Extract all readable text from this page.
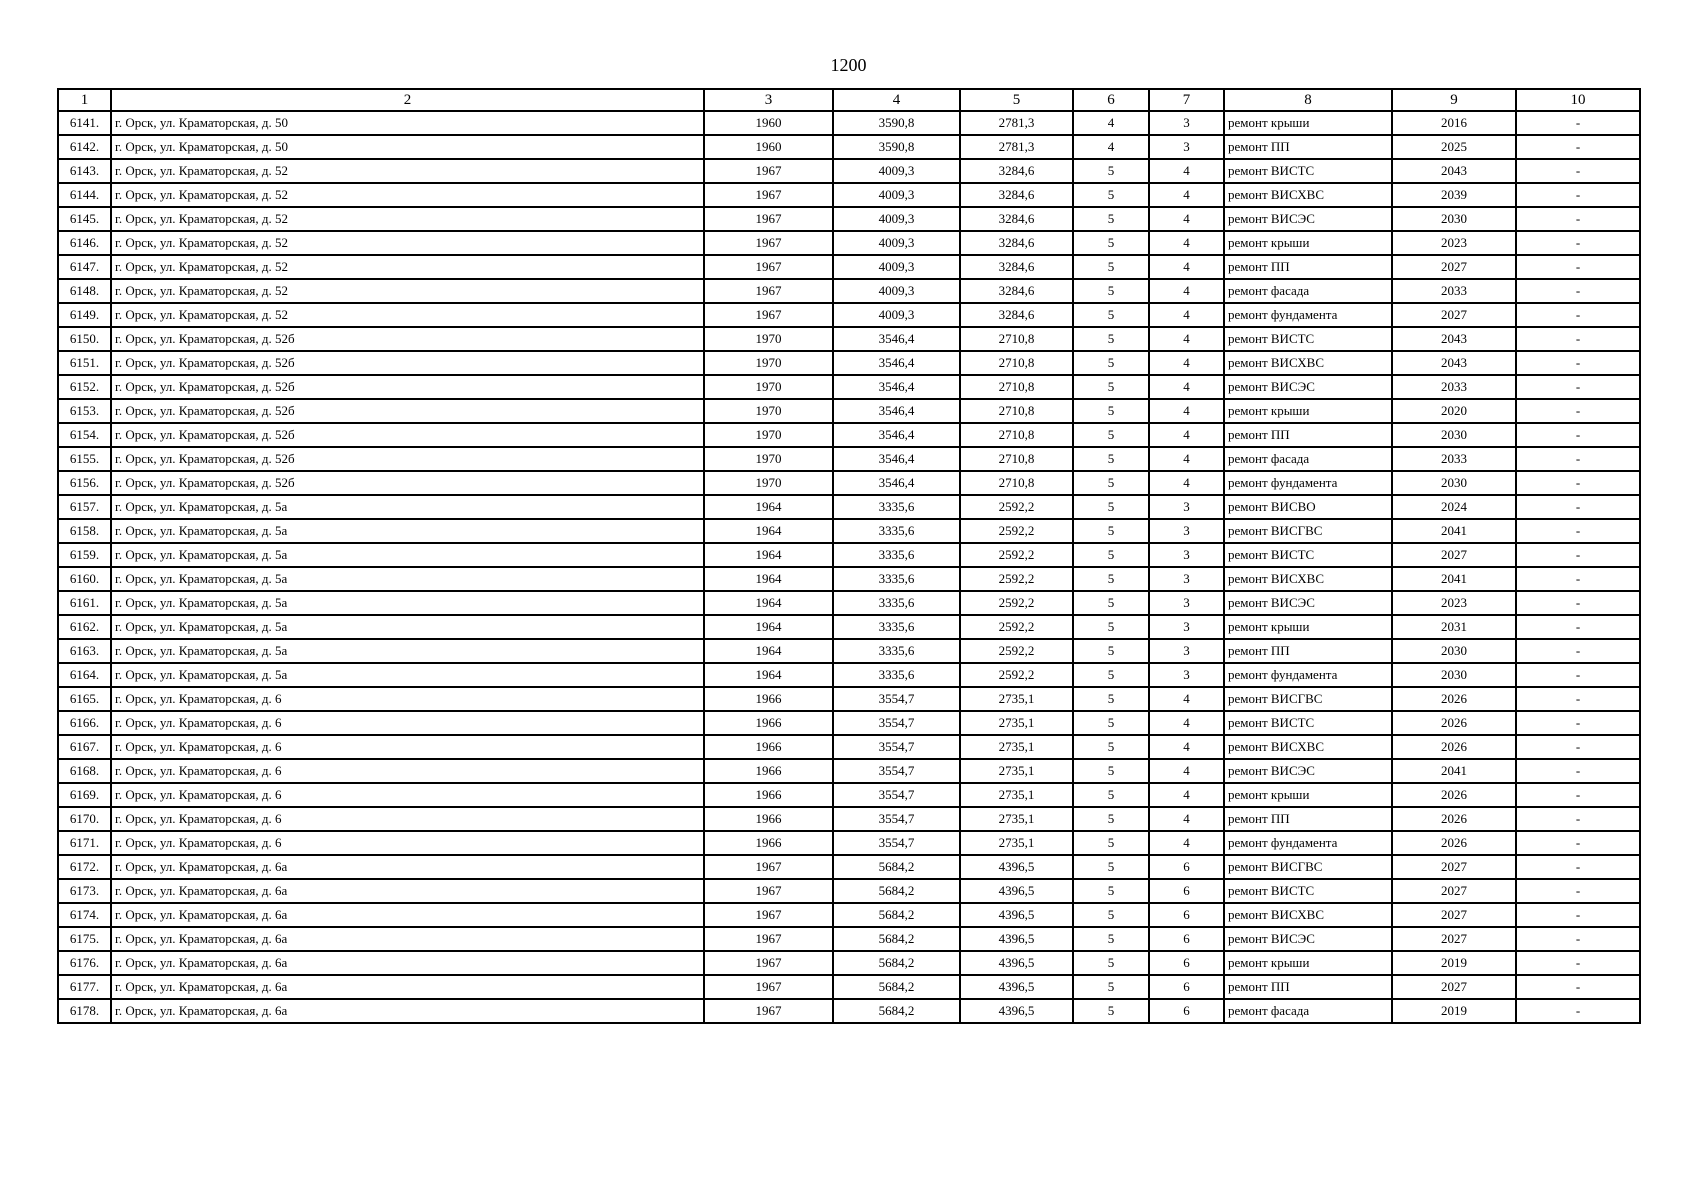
1200
1	2	3	4	5	6	7	8	9	10
6141.	г. Орск, ул. Краматорская, д. 50	1960	3590,8	2781,3	4	3	ремонт крыши	2016	-
6142.	г. Орск, ул. Краматорская, д. 50	1960	3590,8	2781,3	4	3	ремонт ПП	2025	-
6143.	г. Орск, ул. Краматорская, д. 52	1967	4009,3	3284,6	5	4	ремонт ВИСТС	2043	-
6144.	г. Орск, ул. Краматорская, д. 52	1967	4009,3	3284,6	5	4	ремонт ВИСХВС	2039	-
6145.	г. Орск, ул. Краматорская, д. 52	1967	4009,3	3284,6	5	4	ремонт ВИСЭС	2030	-
6146.	г. Орск, ул. Краматорская, д. 52	1967	4009,3	3284,6	5	4	ремонт крыши	2023	-
6147.	г. Орск, ул. Краматорская, д. 52	1967	4009,3	3284,6	5	4	ремонт ПП	2027	-
6148.	г. Орск, ул. Краматорская, д. 52	1967	4009,3	3284,6	5	4	ремонт фасада	2033	-
6149.	г. Орск, ул. Краматорская, д. 52	1967	4009,3	3284,6	5	4	ремонт фундамента	2027	-
6150.	г. Орск, ул. Краматорская, д. 52б	1970	3546,4	2710,8	5	4	ремонт ВИСТС	2043	-
6151.	г. Орск, ул. Краматорская, д. 52б	1970	3546,4	2710,8	5	4	ремонт ВИСХВС	2043	-
6152.	г. Орск, ул. Краматорская, д. 52б	1970	3546,4	2710,8	5	4	ремонт ВИСЭС	2033	-
6153.	г. Орск, ул. Краматорская, д. 52б	1970	3546,4	2710,8	5	4	ремонт крыши	2020	-
6154.	г. Орск, ул. Краматорская, д. 52б	1970	3546,4	2710,8	5	4	ремонт ПП	2030	-
6155.	г. Орск, ул. Краматорская, д. 52б	1970	3546,4	2710,8	5	4	ремонт фасада	2033	-
6156.	г. Орск, ул. Краматорская, д. 52б	1970	3546,4	2710,8	5	4	ремонт фундамента	2030	-
6157.	г. Орск, ул. Краматорская, д. 5а	1964	3335,6	2592,2	5	3	ремонт ВИСВО	2024	-
6158.	г. Орск, ул. Краматорская, д. 5а	1964	3335,6	2592,2	5	3	ремонт ВИСГВС	2041	-
6159.	г. Орск, ул. Краматорская, д. 5а	1964	3335,6	2592,2	5	3	ремонт ВИСТС	2027	-
6160.	г. Орск, ул. Краматорская, д. 5а	1964	3335,6	2592,2	5	3	ремонт ВИСХВС	2041	-
6161.	г. Орск, ул. Краматорская, д. 5а	1964	3335,6	2592,2	5	3	ремонт ВИСЭС	2023	-
6162.	г. Орск, ул. Краматорская, д. 5а	1964	3335,6	2592,2	5	3	ремонт крыши	2031	-
6163.	г. Орск, ул. Краматорская, д. 5а	1964	3335,6	2592,2	5	3	ремонт ПП	2030	-
6164.	г. Орск, ул. Краматорская, д. 5а	1964	3335,6	2592,2	5	3	ремонт фундамента	2030	-
6165.	г. Орск, ул. Краматорская, д. 6	1966	3554,7	2735,1	5	4	ремонт ВИСГВС	2026	-
6166.	г. Орск, ул. Краматорская, д. 6	1966	3554,7	2735,1	5	4	ремонт ВИСТС	2026	-
6167.	г. Орск, ул. Краматорская, д. 6	1966	3554,7	2735,1	5	4	ремонт ВИСХВС	2026	-
6168.	г. Орск, ул. Краматорская, д. 6	1966	3554,7	2735,1	5	4	ремонт ВИСЭС	2041	-
6169.	г. Орск, ул. Краматорская, д. 6	1966	3554,7	2735,1	5	4	ремонт крыши	2026	-
6170.	г. Орск, ул. Краматорская, д. 6	1966	3554,7	2735,1	5	4	ремонт ПП	2026	-
6171.	г. Орск, ул. Краматорская, д. 6	1966	3554,7	2735,1	5	4	ремонт фундамента	2026	-
6172.	г. Орск, ул. Краматорская, д. 6а	1967	5684,2	4396,5	5	6	ремонт ВИСГВС	2027	-
6173.	г. Орск, ул. Краматорская, д. 6а	1967	5684,2	4396,5	5	6	ремонт ВИСТС	2027	-
6174.	г. Орск, ул. Краматорская, д. 6а	1967	5684,2	4396,5	5	6	ремонт ВИСХВС	2027	-
6175.	г. Орск, ул. Краматорская, д. 6а	1967	5684,2	4396,5	5	6	ремонт ВИСЭС	2027	-
6176.	г. Орск, ул. Краматорская, д. 6а	1967	5684,2	4396,5	5	6	ремонт крыши	2019	-
6177.	г. Орск, ул. Краматорская, д. 6а	1967	5684,2	4396,5	5	6	ремонт ПП	2027	-
6178.	г. Орск, ул. Краматорская, д. 6а	1967	5684,2	4396,5	5	6	ремонт фасада	2019	-
